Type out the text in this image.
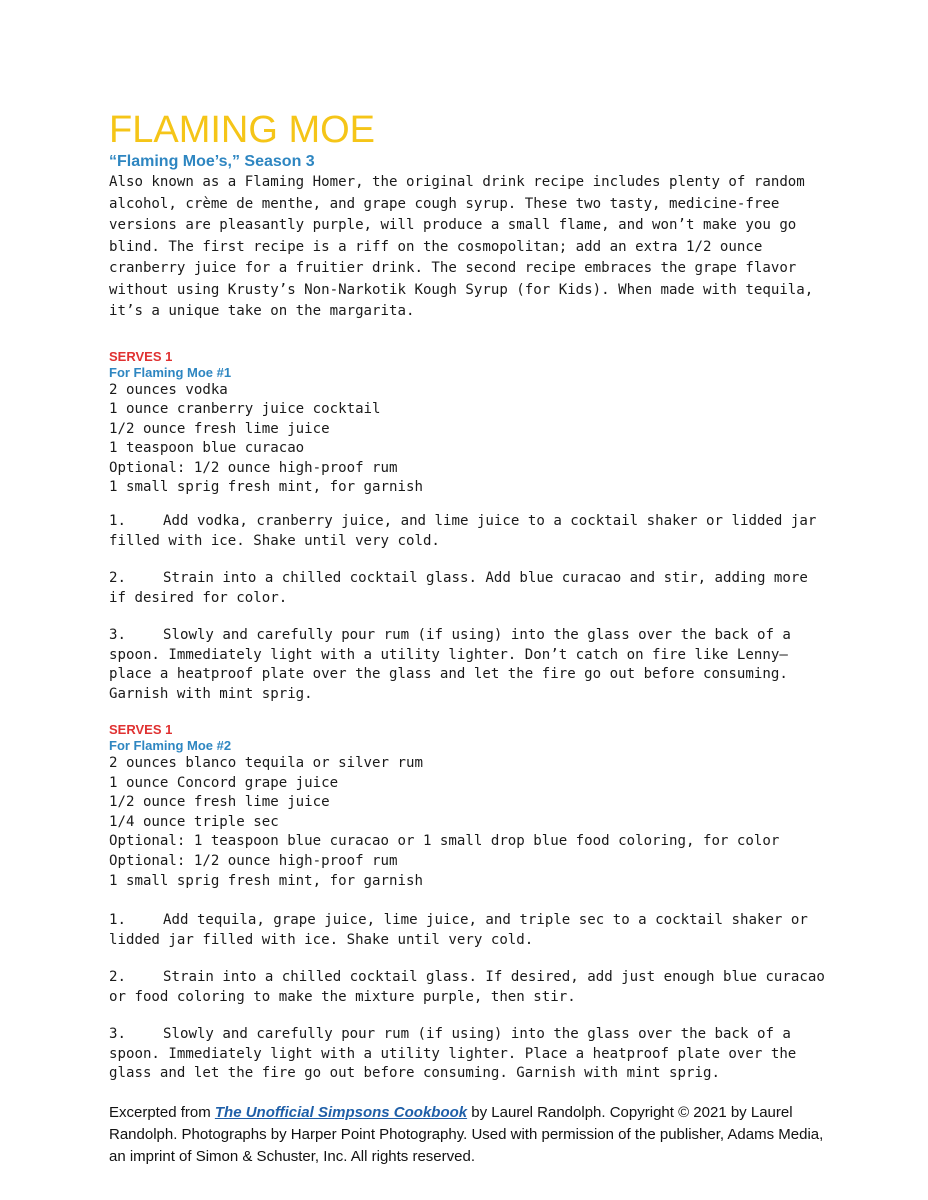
FLAMING MOE

“Flaming Moe’s,” Season 3

Also known as a Flaming Homer, the original drink recipe includes plenty of random alcohol, crème de menthe, and grape cough syrup. These two tasty, medicine-free versions are pleasantly purple, will produce a small flame, and won’t make you go blind. The first recipe is a riff on the cosmopolitan; add an extra 1/2 ounce cranberry juice for a fruitier drink. The second recipe embraces the grape flavor without using Krusty’s Non-Narkotik Kough Syrup (for Kids). When made with tequila, it’s a unique take on the margarita.

SERVES 1

For Flaming Moe #1

2 ounces vodka
1 ounce cranberry juice cocktail
1/2 ounce fresh lime juice
1 teaspoon blue curacao
Optional: 1/2 ounce high-proof rum
1 small sprig fresh mint, for garnish
1.	Add vodka, cranberry juice, and lime juice to a cocktail shaker or lidded jar filled with ice. Shake until very cold.
2.	Strain into a chilled cocktail glass. Add blue curacao and stir, adding more if desired for color.
3.	Slowly and carefully pour rum (if using) into the glass over the back of a spoon. Immediately light with a utility lighter. Don’t catch on fire like Lenny— place a heatproof plate over the glass and let the fire go out before consuming. Garnish with mint sprig.

SERVES 1

For Flaming Moe #2

2 ounces blanco tequila or silver rum
1 ounce Concord grape juice
1/2 ounce fresh lime juice
1/4 ounce triple sec
Optional: 1 teaspoon blue curacao or 1 small drop blue food coloring, for color
Optional: 1/2 ounce high-proof rum
1 small sprig fresh mint, for garnish
1.	Add tequila, grape juice, lime juice, and triple sec to a cocktail shaker or lidded jar filled with ice. Shake until very cold.
2.	Strain into a chilled cocktail glass. If desired, add just enough blue curacao or food coloring to make the mixture purple, then stir.
3.	Slowly and carefully pour rum (if using) into the glass over the back of a spoon. Immediately light with a utility lighter. Place a heatproof plate over the glass and let the fire go out before consuming. Garnish with mint sprig.

Excerpted from The Unofficial Simpsons Cookbook by Laurel Randolph. Copyright © 2021 by Laurel Randolph. Photographs by Harper Point Photography. Used with permission of the publisher, Adams Media, an imprint of Simon & Schuster, Inc. All rights reserved.
